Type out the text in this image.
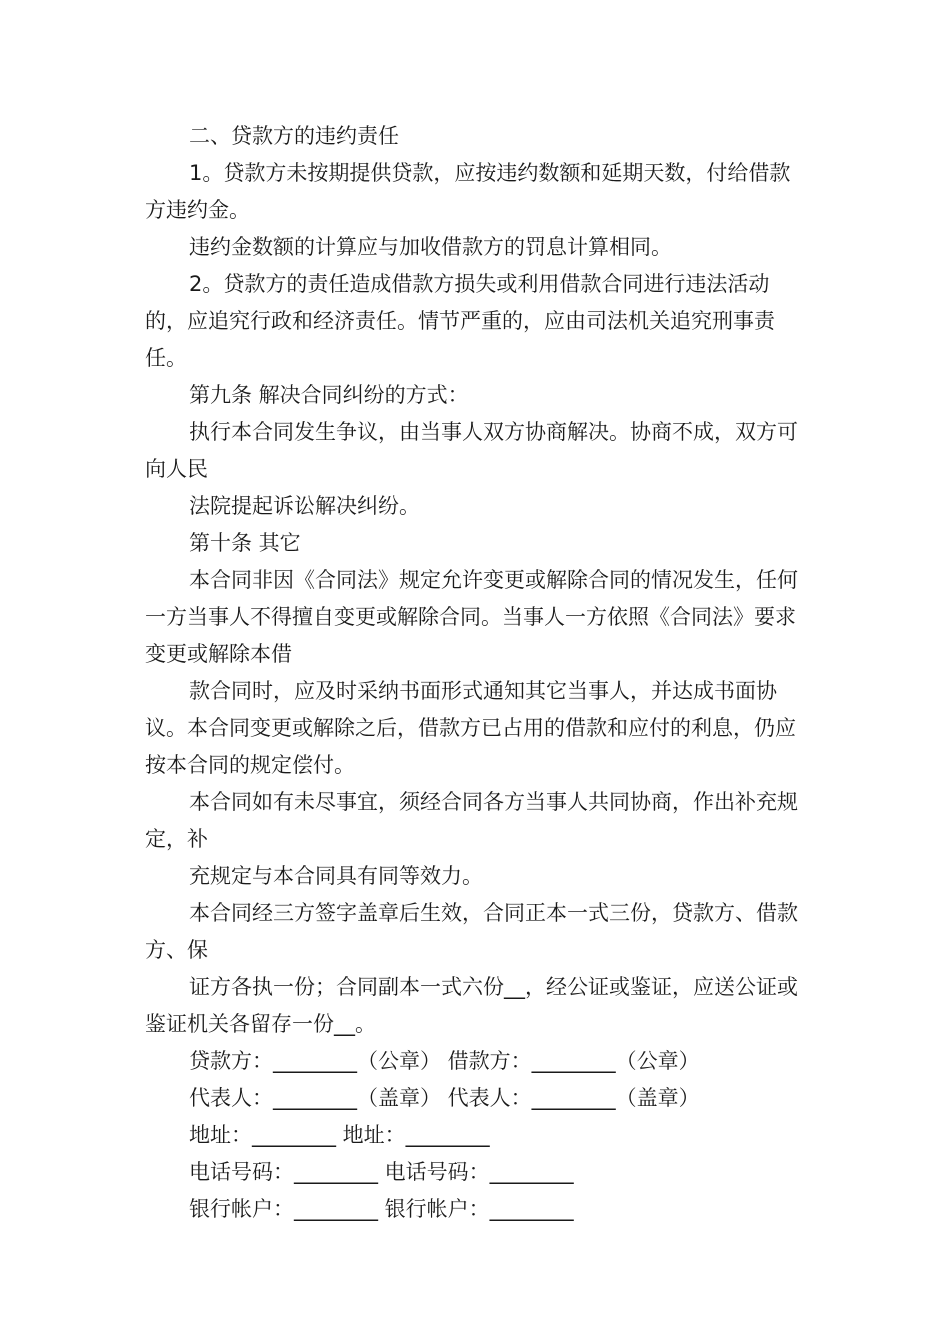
二、贷款方的违约责任

1。贷款方未按期提供贷款，应按违约数额和延期天数，付给借款方违约金。

违约金数额的计算应与加收借款方的罚息计算相同。

2。贷款方的责任造成借款方损失或利用借款合同进行违法活动的，应追究行政和经济责任。情节严重的，应由司法机关追究刑事责任。

第九条 解决合同纠纷的方式：

执行本合同发生争议，由当事人双方协商解决。协商不成，双方可向人民

法院提起诉讼解决纠纷。

第十条 其它

本合同非因《合同法》规定允许变更或解除合同的情况发生，任何一方当事人不得擅自变更或解除合同。当事人一方依照《合同法》要求变更或解除本借

款合同时，应及时采纳书面形式通知其它当事人，并达成书面协议。本合同变更或解除之后，借款方已占用的借款和应付的利息，仍应按本合同的规定偿付。

本合同如有未尽事宜，须经合同各方当事人共同协商，作出补充规定，补

充规定与本合同具有同等效力。

本合同经三方签字盖章后生效，合同正本一式三份，贷款方、借款方、保

证方各执一份；合同副本一式六份__，经公证或鉴证，应送公证或鉴证机关各留存一份__。

贷款方：________（公章） 借款方：________（公章）

代表人：________（盖章） 代表人：________（盖章）

地址：________ 地址：________

电话号码：________ 电话号码：________

银行帐户：________ 银行帐户：________
